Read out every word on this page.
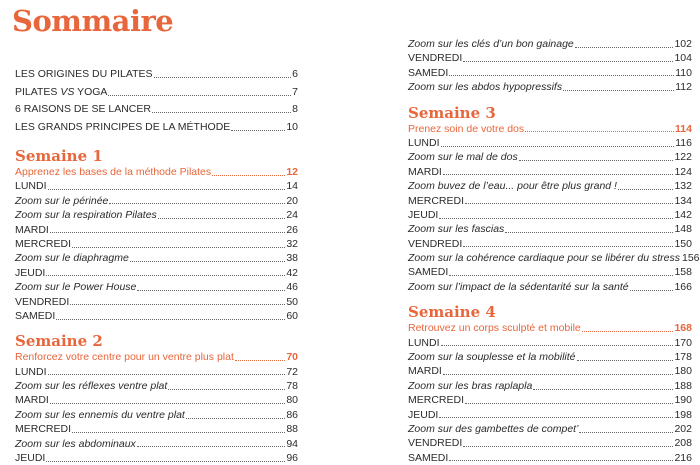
Sommaire
LES ORIGINES DU PILATES	6
PILATES VS YOGA	7
6 RAISONS DE SE LANCER	8
LES GRANDS PRINCIPES DE LA MÉTHODE	10
Semaine 1
Apprenez les bases de la méthode Pilates	12
LUNDI	14
Zoom sur le périnée	20
Zoom sur la respiration Pilates	24
MARDI	26
MERCREDI	32
Zoom sur le diaphragme	38
JEUDI	42
Zoom sur le Power House	46
VENDREDI	50
SAMEDI	60
Semaine 2
Renforcez votre centre pour un ventre plus plat	70
LUNDI	72
Zoom sur les réflexes ventre plat	78
MARDI	80
Zoom sur les ennemis du ventre plat	86
MERCREDI	88
Zoom sur les abdominaux	94
JEUDI	96
Zoom sur les clés d’un bon gainage	102
VENDREDI	104
SAMEDI	110
Zoom sur les abdos hypopressifs	112
Semaine 3
Prenez soin de votre dos	114
LUNDI	116
Zoom sur le mal de dos	122
MARDI	124
Zoom buvez de l’eau... pour être plus grand !	132
MERCREDI	134
JEUDI	142
Zoom sur les fascias	148
VENDREDI	150
Zoom sur la cohérence cardiaque pour se libérer du stress 156
SAMEDI	158
Zoom sur l’impact de la sédentarité sur la santé	166
Semaine 4
Retrouvez un corps sculpté et mobile	168
LUNDI	170
Zoom sur la souplesse et la mobilité	178
MARDI	180
Zoom sur les bras raplapla	188
MERCREDI	190
JEUDI	198
Zoom sur des gambettes de compet’	202
VENDREDI	208
SAMEDI	216
